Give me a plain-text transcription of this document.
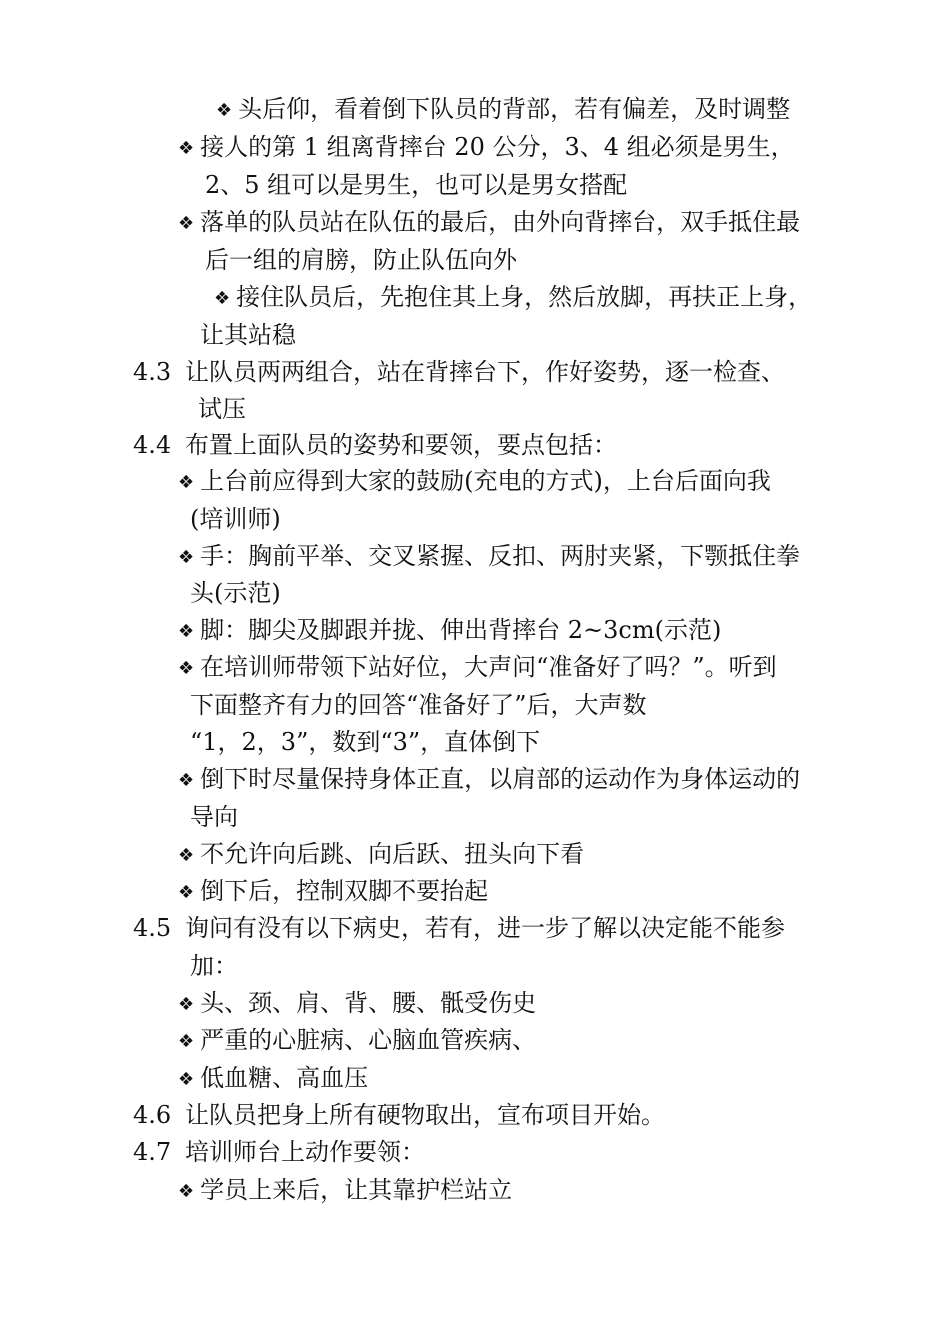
❖ 头后仰，看着倒下队员的背部，若有偏差，及时调整
❖ 接人的第 1 组离背摔台 20 公分，3、4 组必须是男生，
2、5 组可以是男生，也可以是男女搭配
❖ 落单的队员站在队伍的最后，由外向背摔台，双手抵住最
后一组的肩膀，防止队伍向外
❖ 接住队员后，先抱住其上身，然后放脚，再扶正上身，
让其站稳
4.3 让队员两两组合，站在背摔台下，作好姿势，逐一检查、
试压
4.4 布置上面队员的姿势和要领，要点包括：
❖ 上台前应得到大家的鼓励(充电的方式)，上台后面向我
(培训师)
❖ 手：胸前平举、交叉紧握、反扣、两肘夹紧，下颚抵住拳
头(示范)
❖ 脚：脚尖及脚跟并拢、伸出背摔台 2~3cm(示范)
❖ 在培训师带领下站好位，大声问“准备好了吗？”。听到
下面整齐有力的回答“准备好了”后，大声数
“1，2，3”，数到“3”，直体倒下
❖ 倒下时尽量保持身体正直，以肩部的运动作为身体运动的
导向
❖ 不允许向后跳、向后跃、扭头向下看
❖ 倒下后，控制双脚不要抬起
4.5 询问有没有以下病史，若有，进一步了解以决定能不能参
加：
❖ 头、颈、肩、背、腰、骶受伤史
❖ 严重的心脏病、心脑血管疾病、
❖ 低血糖、高血压
4.6 让队员把身上所有硬物取出，宣布项目开始。
4.7 培训师台上动作要领：
❖ 学员上来后，让其靠护栏站立
